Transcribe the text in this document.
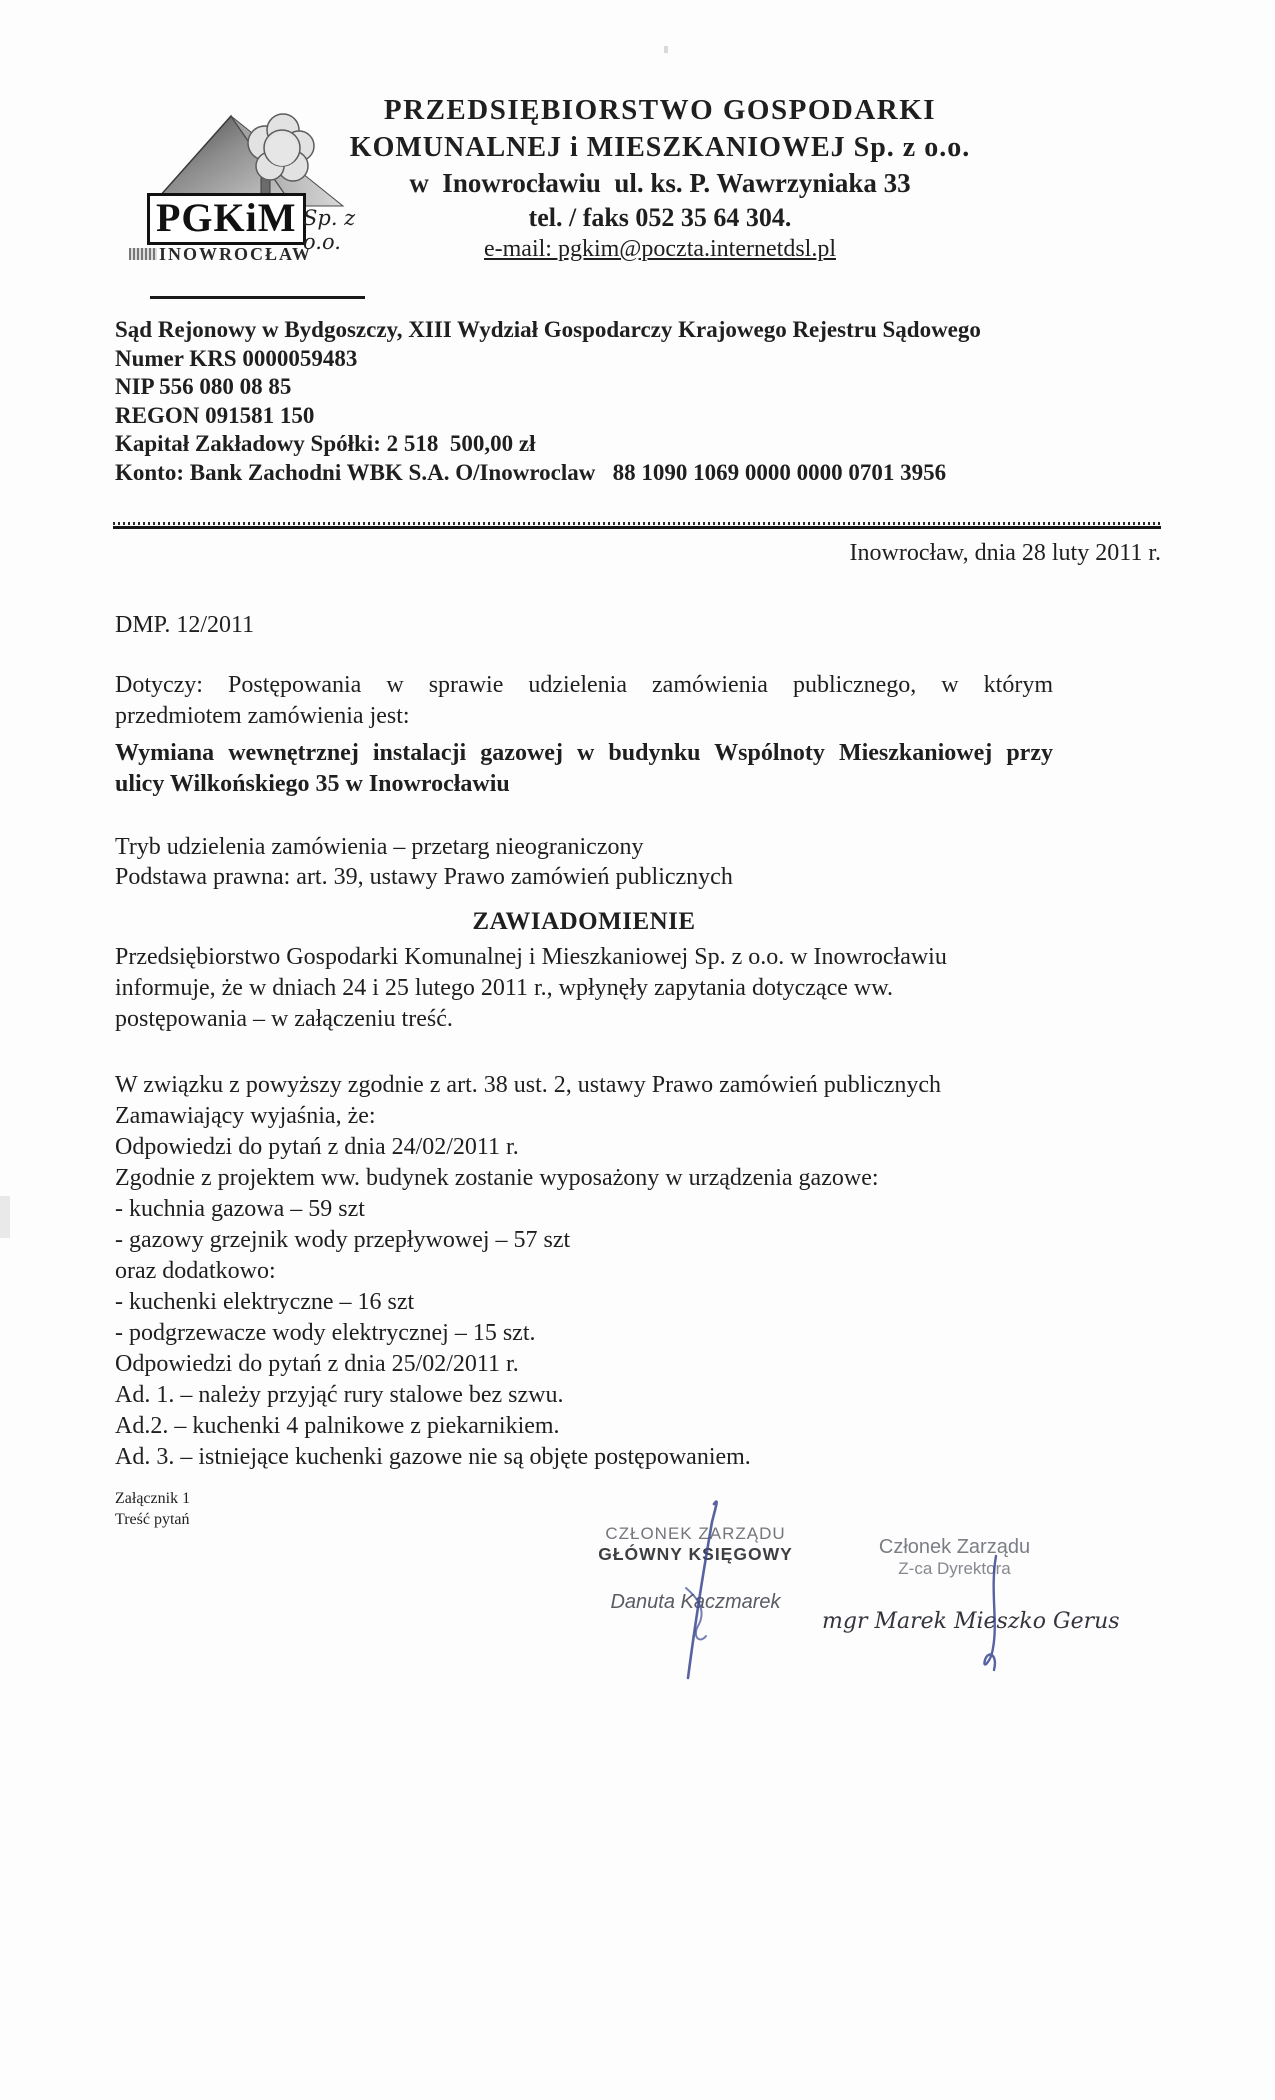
PGKiM Sp. z o.o.
INOWROCŁAW
PRZEDSIĘBIORSTWO GOSPODARKI
KOMUNALNEJ i MIESZKANIOWEJ Sp. z o.o.
w  Inowrocławiu  ul. ks. P. Wawrzyniaka 33
tel. / faks 052 35 64 304.
e-mail: pgkim@poczta.internetdsl.pl
Sąd Rejonowy w Bydgoszczy, XIII Wydział Gospodarczy Krajowego Rejestru Sądowego
Numer KRS 0000059483
NIP 556 080 08 85
REGON 091581 150
Kapitał Zakładowy Spółki: 2 518  500,00 zł
Konto: Bank Zachodni WBK S.A. O/Inowroclaw   88 1090 1069 0000 0000 0701 3956
Inowrocław, dnia 28 luty 2011 r.
DMP. 12/2011
Dotyczy: Postępowania w sprawie udzielenia zamówienia publicznego, w którym
przedmiotem zamówienia jest:
Wymiana wewnętrznej instalacji gazowej w budynku Wspólnoty Mieszkaniowej przy
ulicy Wilkońskiego 35 w Inowrocławiu
Tryb udzielenia zamówienia – przetarg nieograniczony
Podstawa prawna: art. 39, ustawy Prawo zamówień publicznych
ZAWIADOMIENIE
Przedsiębiorstwo Gospodarki Komunalnej i Mieszkaniowej Sp. z o.o. w Inowrocławiu
informuje, że w dniach 24 i 25 lutego 2011 r., wpłynęły zapytania dotyczące ww.
postępowania – w załączeniu treść.
W związku z powyższy zgodnie z art. 38 ust. 2, ustawy Prawo zamówień publicznych
Zamawiający wyjaśnia, że:
Odpowiedzi do pytań z dnia 24/02/2011 r.
Zgodnie z projektem ww. budynek zostanie wyposażony w urządzenia gazowe:
- kuchnia gazowa – 59 szt
- gazowy grzejnik wody przepływowej – 57 szt
oraz dodatkowo:
- kuchenki elektryczne – 16 szt
- podgrzewacze wody elektrycznej – 15 szt.
Odpowiedzi do pytań z dnia 25/02/2011 r.
Ad. 1. – należy przyjąć rury stalowe bez szwu.
Ad.2. – kuchenki 4 palnikowe z piekarnikiem.
Ad. 3. – istniejące kuchenki gazowe nie są objęte postępowaniem.
Załącznik 1
Treść pytań
CZŁONEK ZARZĄDU
GŁÓWNY KSIĘGOWY
Danuta Kaczmarek
Członek Zarządu
Z-ca Dyrektora
mgr Marek Mieszko Gerus
